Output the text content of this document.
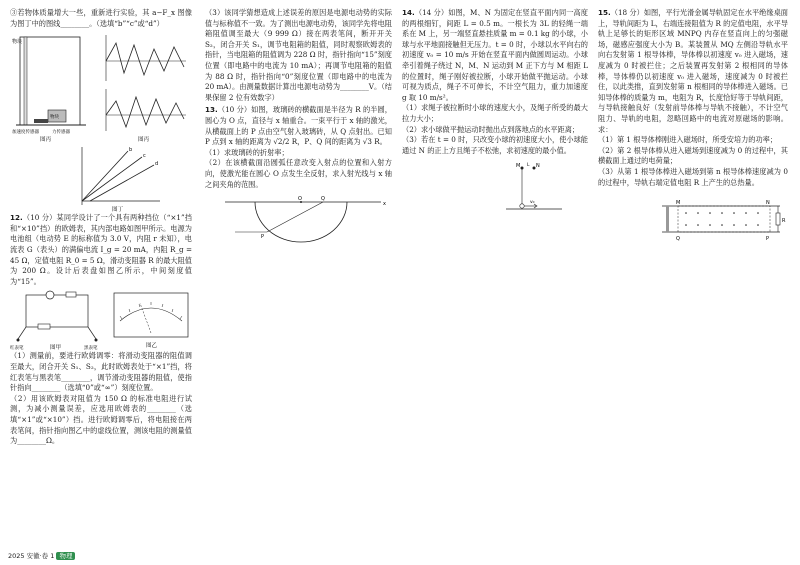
③若物体质量增大一些，重新进行实验，其 a−F_x 图像为图丁中的图线________。（选填“b”“c”或“d”）

物块
物块
加速度传感器	力传感器
图丙	图丙
b
c
d
图丁

12.（10 分）某同学设计了一个具有两种挡位（“×1”挡和“×10”挡）的欧姆表，其内部电路如图甲所示。电源为电池组（电动势 E 的标称值为 3.0 V，内阻 r 未知），电流表 G（表头）的满偏电流 I_g = 20 mA，内阻 R_g = 45 Ω，定值电阻 R_0 = 5 Ω，滑动变阻器 R 的最大阻值为 200 Ω。设计后表盘如图乙所示，中间刻度值为“15”。

红表笔	黑表笔
图甲	图乙

（1）测量前，要进行欧姆调零：将滑动变阻器的阻值调至最大，闭合开关 S₁、S₂，此时欧姆表处于“×1”挡，将红表笔与黑表笔________，调节滑动变阻器的阻值，使指针指向________（选填“0”或“∞”）刻度位置。

（2）用该欧姆表对阻值为 150 Ω 的标准电阻进行试测，为减小测量误差，应选用欧姆表的________（选填“×1”或“×10”）挡。进行欧姆调零后，将电阻接在两表笔间，指针指向图乙中的虚线位置，测该电阻的测量值为________Ω。

（3）该同学猜想造成上述误差的原因是电源电动势的实际值与标称值不一致。为了测出电源电动势，该同学先将电阻箱阻值调至最大（9 999 Ω）接在两表笔间，断开开关 S₂，闭合开关 S₁，调节电阻箱的阻值，同时观察欧姆表的指针，当电阻箱的阻值调为 228 Ω 时，指针指向“15”刻度位置（即电路中的电流为 10 mA）；再调节电阻箱的阻值为 88 Ω 时，指针指向“0”刻度位置（即电路中的电流为 20 mA）。由测量数据计算出电源电动势为________V。（结果保留 2 位有效数字）

13.（10 分）如图，玻璃砖的横截面是半径为 R 的半圆，圆心为 O 点，直径与 x 轴重合。一束平行于 x 轴的激光，从横截面上的 P 点由空气射入玻璃砖，从 Q 点射出。已知 P 点到 x 轴的距离为 √2/2 R，P、Q 间的距离为 √3 R。

（1）求玻璃砖的折射率；

（2）在该横截面沿圆弧任意改变入射点的位置和入射方向，使激光能在圆心 O 点发生全反射，求入射光线与 x 轴之间夹角的范围。

O
P
Q
x

14.（14 分）如图，M、N 为固定在竖直平面内同一高度的两根细钉，间距 L = 0.5 m。一根长为 3L 的轻绳一端系在 M 上，另一端竖直悬挂质量 m = 0.1 kg 的小球，小球与水平地面接触但无压力。t = 0 时，小球以水平向右的初速度 v₀ = 10 m/s 开始在竖直平面内做圆周运动。小球牵引着绳子绕过 N，M、N 运动到 M 正下方与 M 相距 L 的位置时，绳子刚好被拉断，小球开始做平抛运动。小球可视为质点，绳子不可伸长，不计空气阻力，重力加速度 g 取 10 m/s²。

（1）求绳子被拉断时小球的速度大小，及绳子所受的最大拉力大小；

（2）求小球做平抛运动时抛出点到落地点的水平距离；

（3）若在 t = 0 时，只改变小球的初速度大小，使小球能通过 N 的正上方且绳子不松弛，求初速度的最小值。

M	N
L
v₀

15.（18 分）如图，平行光滑金属导轨固定在水平绝缘桌面上，导轨间距为 L，右端连接阻值为 R 的定值电阻，水平导轨上足够长的矩形区域 MNPQ 内存在竖直向上的匀强磁场，磁感应强度大小为 B。某装置从 MQ 左侧沿导轨水平向右发射第 1 根导体棒，导体棒以初速度 v₀ 进入磁场，速度减为 0 时被拦住；之后装置再发射第 2 根相同的导体棒，导体棒仍以初速度 v₀ 进入磁场，速度减为 0 时被拦住，以此类推，直到发射第 n 根相同的导体棒进入磁场。已知导体棒的质量为 m，电阻为 R，长度恰好等于导轨间距，与导轨接触良好（发射前导体棒与导轨不接触），不计空气阻力、导轨的电阻，忽略回路中的电流对原磁场的影响。求：

（1）第 1 根导体棒刚进入磁场时，所受安培力的功率；

（2）第 2 根导体棒从进入磁场到速度减为 0 的过程中，其横截面上通过的电荷量；

（3）从第 1 根导体棒进入磁场到第 n 根导体棒速度减为 0 的过程中，导轨右端定值电阻 R 上产生的总热量。

M	N
P
Q
R
2025 安徽·卷 1 物理
